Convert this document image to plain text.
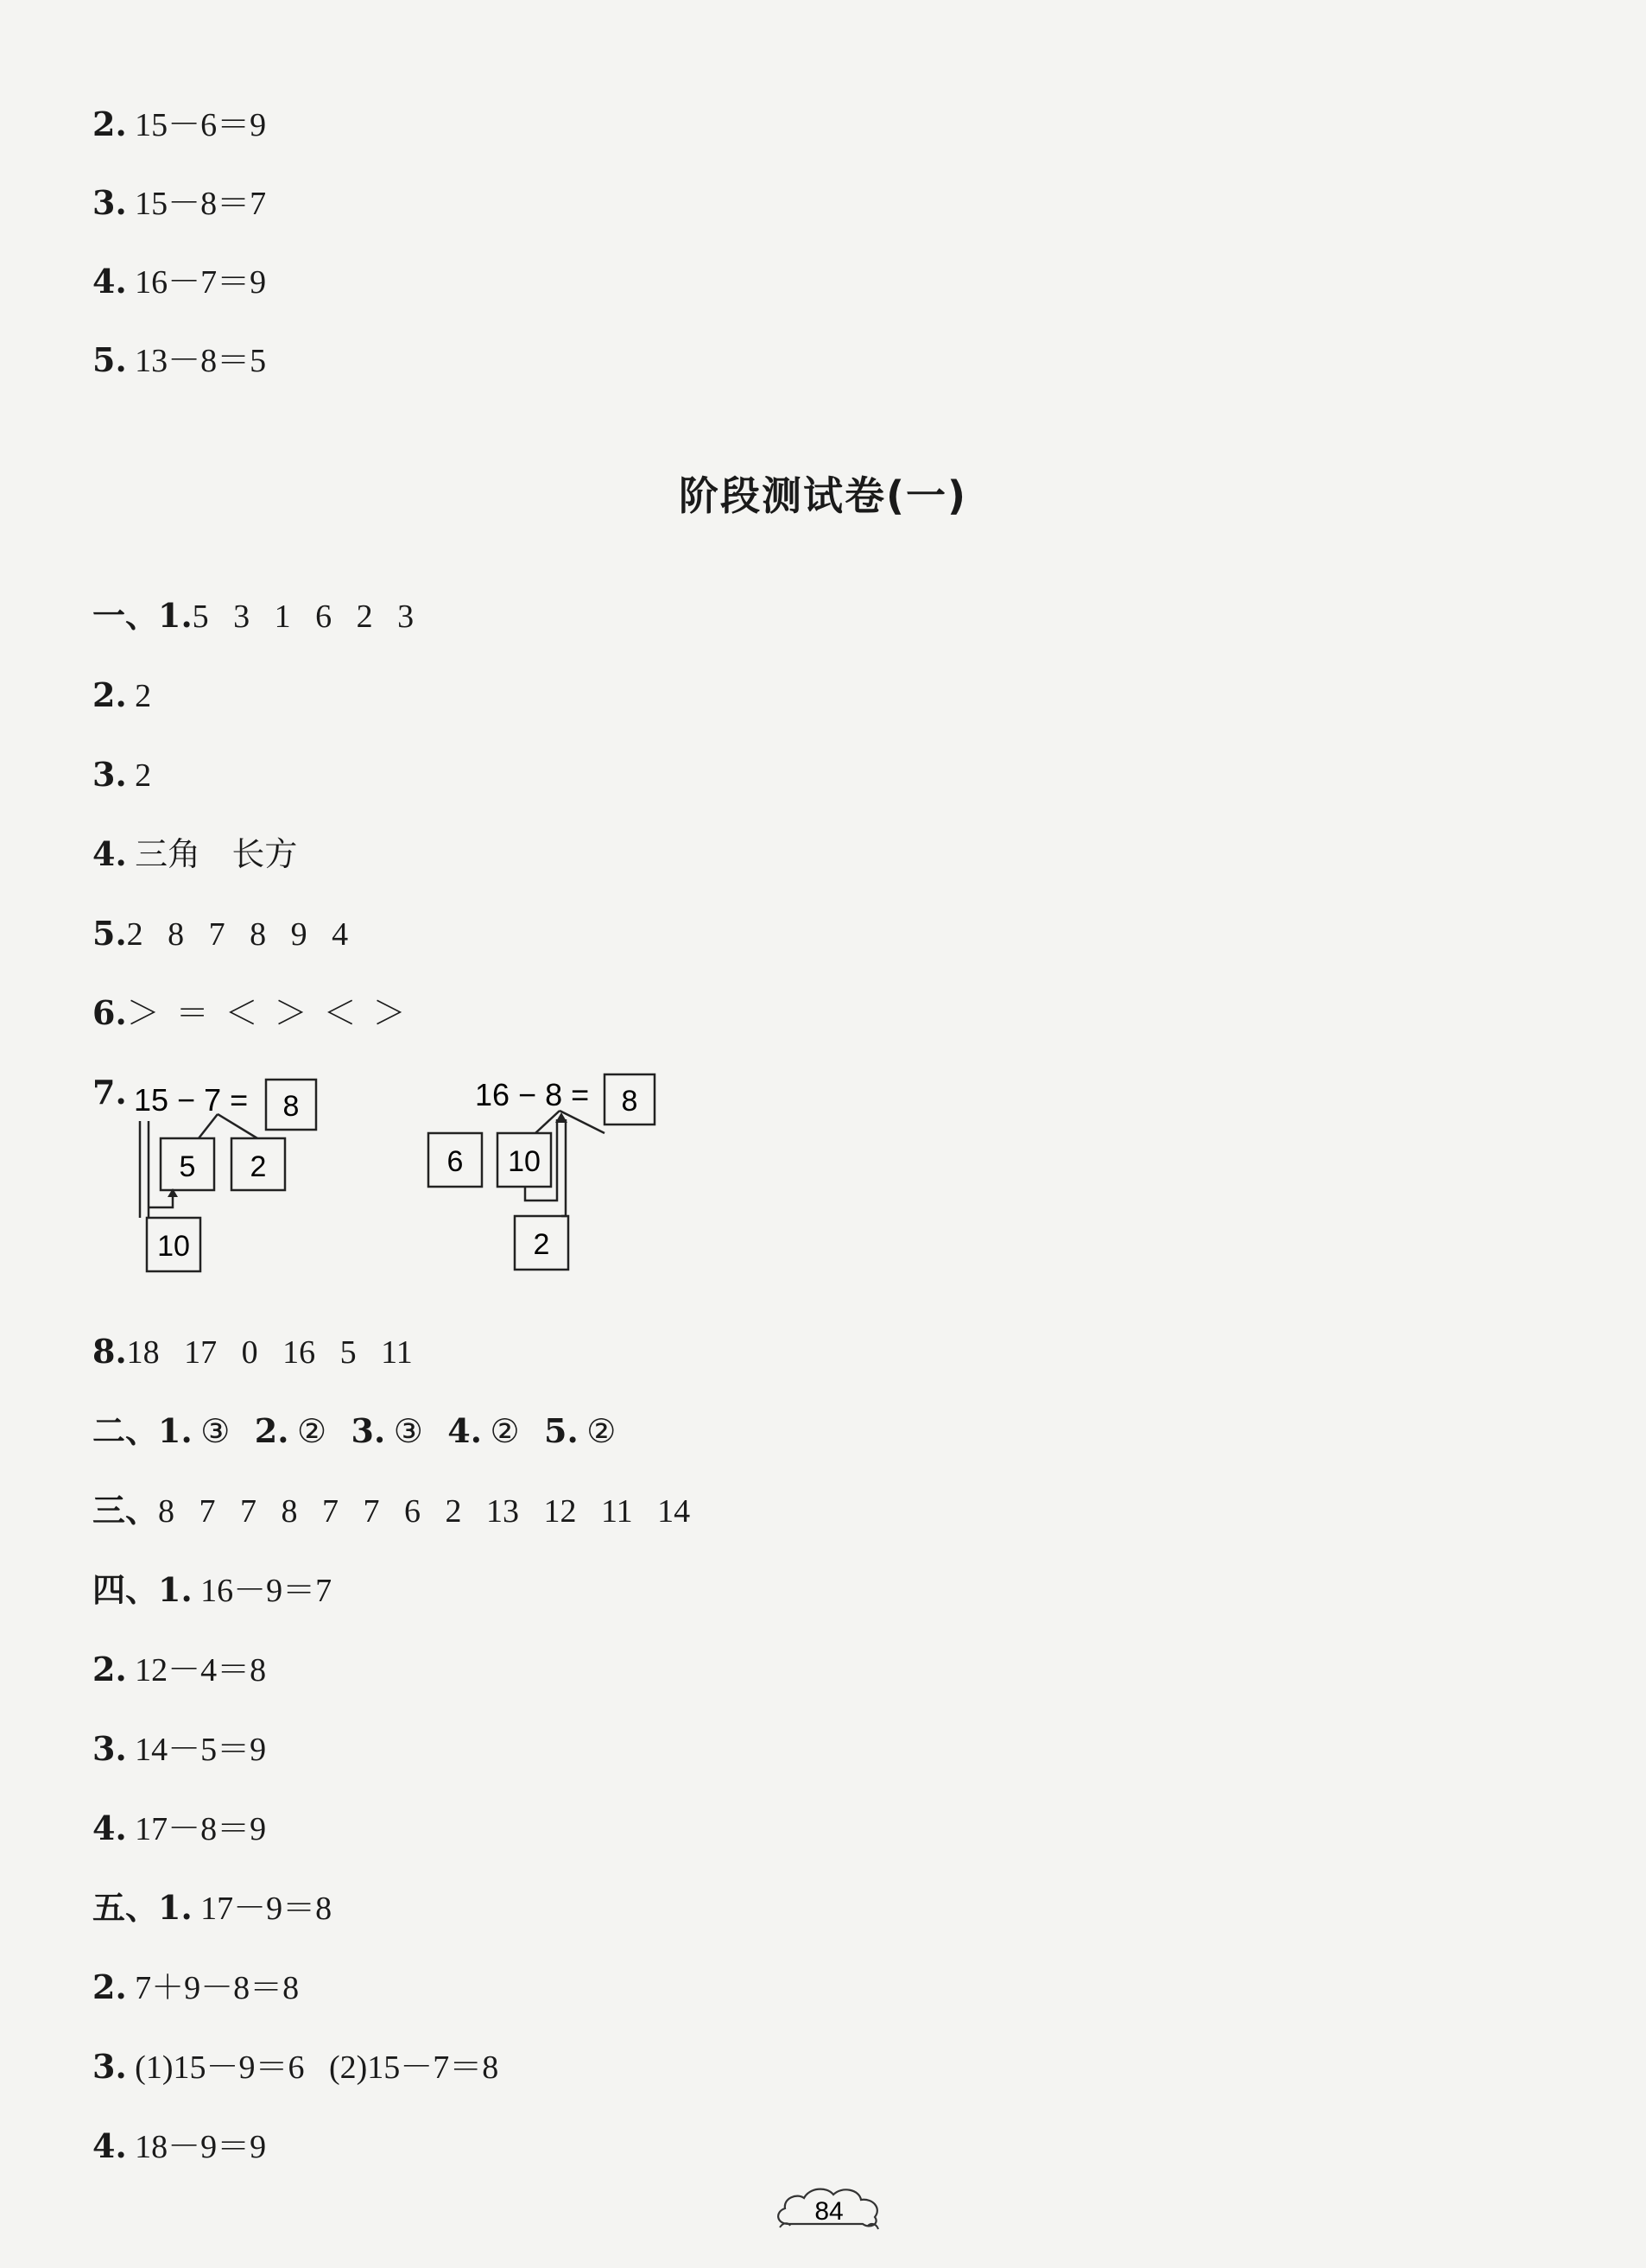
2. 15－6＝9
3. 15－8＝7
4. 16－7＝9
5. 13－8＝5
阶段测试卷(一)
一、1.5   3   1   6   2   3
2. 2
3. 2
4. 三角   长方
5.2   8   7   8   9   4
6.＞  ＝  ＜  ＞  ＜  ＞
7. 15 − 7 = 8
5 2
10
16 − 8 = 8
6 10
2
8.18   17   0   16   5   11
二、1. ③ 2. ② 3. ③ 4. ② 5. ②
三、8   7   7   8   7   7   6   2   13   12   11   14
四、1. 16－9＝7
2. 12－4＝8
3. 14－5＝9
4. 17－8＝9
五、1. 17－9＝8
2. 7＋9－8＝8
3. (1)15－9＝6   (2)15－7＝8
4. 18－9＝9
84
